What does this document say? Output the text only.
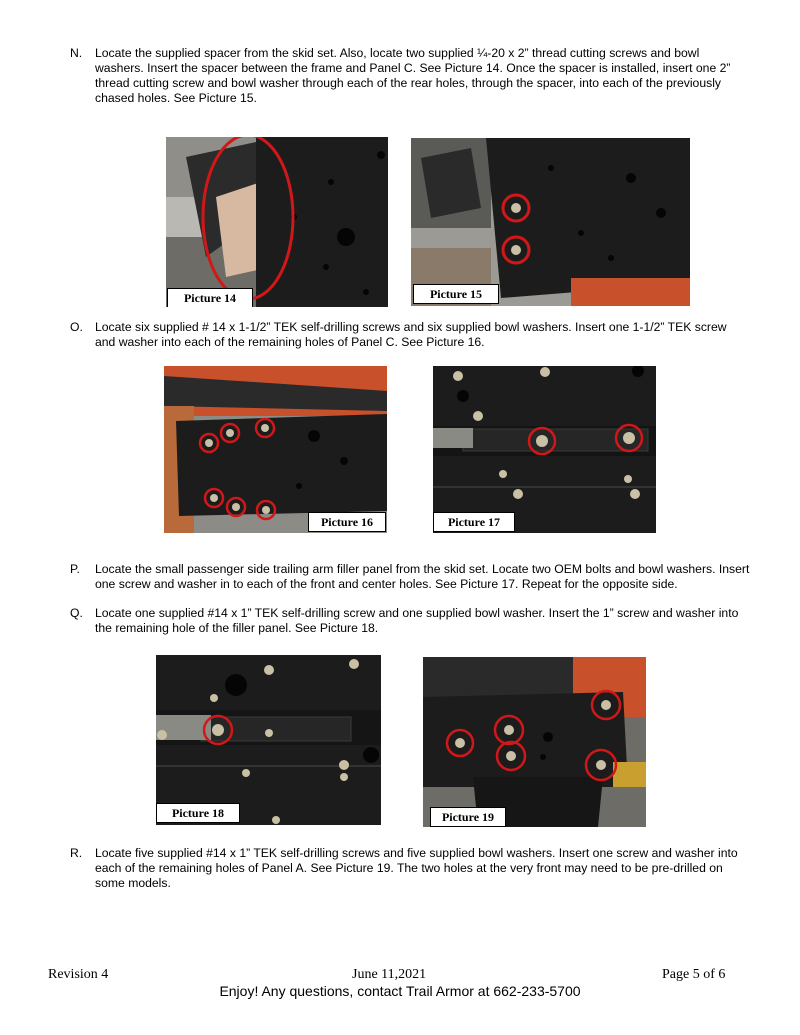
N. Locate the supplied spacer from the skid set. Also, locate two supplied ¼-20 x 2” thread cutting screws and bowl washers. Insert the spacer between the frame and Panel C. See Picture 14. Once the spacer is installed, insert one 2” thread cutting screw and bowl washer through each of the rear holes, through the spacer, into each of the previously chased holes. See Picture 15.
Picture 14	Picture 15
O. Locate six supplied # 14 x 1-1/2” TEK self-drilling screws and six supplied bowl washers. Insert one 1-1/2” TEK screw and washer into each of the remaining holes of Panel C. See Picture 16.
Picture 16	Picture 17
P. Locate the small passenger side trailing arm filler panel from the skid set. Locate two OEM bolts and bowl washers. Insert one screw and washer in to each of the front and center holes. See Picture 17. Repeat for the opposite side.
Q. Locate one supplied #14 x 1” TEK self-drilling screw and one supplied bowl washer. Insert the 1” screw and washer into the remaining hole of the filler panel. See Picture 18.
Picture 18	Picture 19
R. Locate five supplied #14 x 1” TEK self-drilling screws and five supplied bowl washers. Insert one screw and washer into each of the remaining holes of Panel A. See Picture 19. The two holes at the very front may need to be pre-drilled on some models.
Revision 4	June 11,2021	Page 5 of 6
Enjoy! Any questions, contact Trail Armor at 662-233-5700
